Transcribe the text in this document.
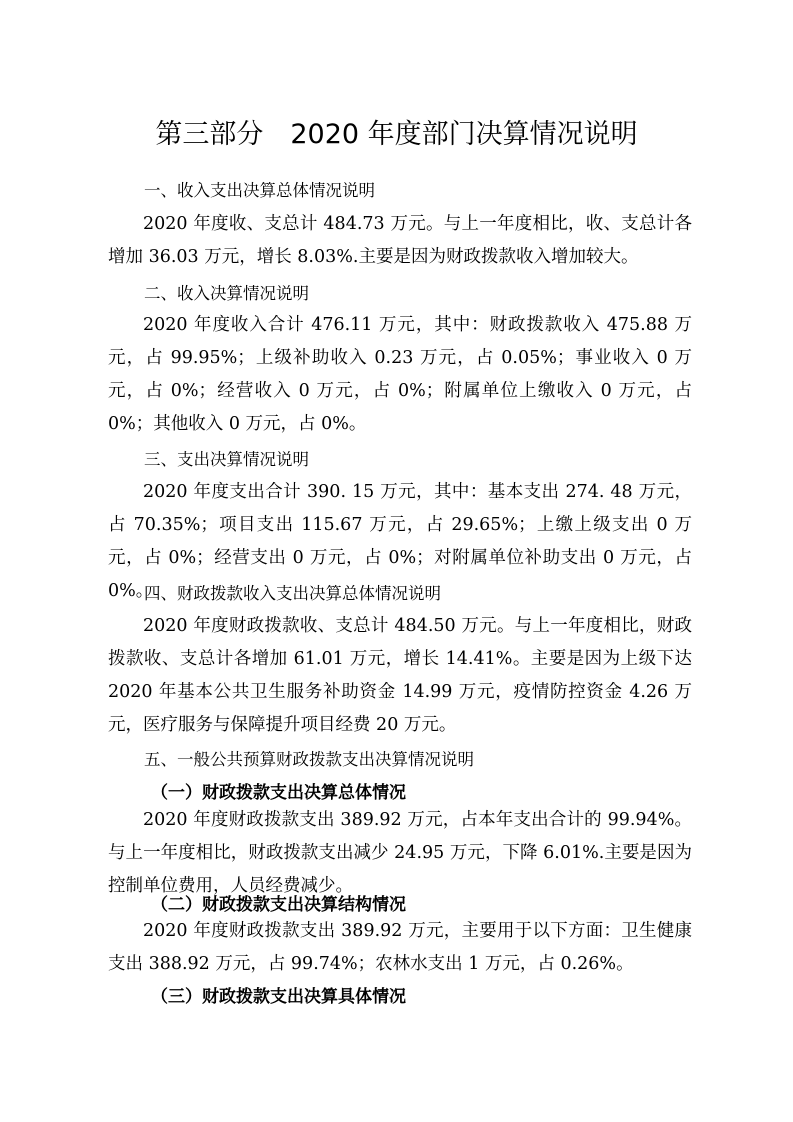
第三部分　2020 年度部门决算情况说明
一、收入支出决算总体情况说明
2020 年度收、支总计 484.73 万元。与上一年度相比，收、支总计各增加 36.03 万元，增长 8.03%.主要是因为财政拨款收入增加较大。
二、收入决算情况说明
2020 年度收入合计 476.11 万元，其中：财政拨款收入 475.88 万元，占 99.95%；上级补助收入 0.23 万元，占 0.05%；事业收入 0 万元，占 0%；经营收入 0 万元，占 0%；附属单位上缴收入 0 万元，占 0%；其他收入 0 万元，占 0%。
三、支出决算情况说明
2020 年度支出合计 390. 15 万元，其中：基本支出 274. 48 万元，占 70.35%；项目支出 115.67 万元，占 29.65%；上缴上级支出 0 万元，占 0%；经营支出 0 万元，占 0%；对附属单位补助支出 0 万元，占 0%。
四、财政拨款收入支出决算总体情况说明
2020 年度财政拨款收、支总计 484.50 万元。与上一年度相比，财政拨款收、支总计各增加 61.01 万元，增长 14.41%。主要是因为上级下达 2020 年基本公共卫生服务补助资金 14.99 万元，疫情防控资金 4.26 万元，医疗服务与保障提升项目经费 20 万元。
五、一般公共预算财政拨款支出决算情况说明
（一）财政拨款支出决算总体情况
2020 年度财政拨款支出 389.92 万元，占本年支出合计的 99.94%。与上一年度相比，财政拨款支出减少 24.95 万元，下降 6.01%.主要是因为控制单位费用，人员经费减少。
（二）财政拨款支出决算结构情况
2020 年度财政拨款支出 389.92 万元，主要用于以下方面：卫生健康支出 388.92 万元，占 99.74%；农林水支出 1 万元，占 0.26%。
（三）财政拨款支出决算具体情况
